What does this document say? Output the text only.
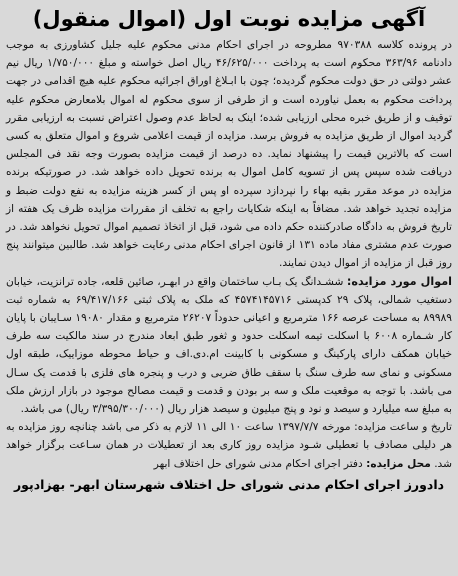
آگهی مزایده نوبت اول (اموال منقول)
در پرونده کلاسه ۹۷۰۳۸۸ مطروحه در اجرای احکام مدنی محکوم علیه جلیل کشاورزی به موجب دادنامه ۳۶۳/۹۶ محکوم است به پرداخت ۴۶/۶۲۵/۰۰۰ ریال اصل خواسته و مبلغ ۱/۷۵۰/۰۰۰ ریال نیم عشر دولتی در حق دولت محکوم گردیده؛ چون با ابـلاغ اوراق اجرائیه محکوم علیه هیچ اقدامی در جهت پرداخت محکوم به بعمل نیاورده است و از طرفی از سوی محکوم له اموال بلامعارض محکوم علیه توقیف و از طریق خبره محلی ارزیابی شده؛ اینک به لحاظ عدم وصول اعتراض نسبت به ارزیابی مقرر گردید اموال از طریق مزایده به فروش برسد. مزایده از قیمت اعلامی شروع و اموال متعلق به کسی است که بالاترین قیمت را پیشنهاد نماید. ده درصد از قیمت مزایده بصورت وجه نقد فی المجلس دریافت شده سپس پس از تسویه کامل اموال به برنده تحویل داده خواهد شد. در صورتیکه برنده مزایده در موعد مقرر بقیه بهاء را نپردازد سپرده او پس از کسر هزینه مزایده به نفع دولت ضبط و مزایده تجدید خواهد شد. مضافاً به اینکه شکایات راجع به تخلف از مقررات مزایده ظرف یک هفته از تاریخ فروش به دادگاه صادرکننده حکم داده می شود، قبل از اتخاذ تصمیم اموال تحویل نخواهد شد. در صورت عدم مشتری مفاد ماده ۱۳۱ از قانون اجرای احکام مدنی رعایت خواهد شد. طالبین میتوانند پنج روز قبل از مزایده از اموال دیدن نمایند.
اموال مورد مزایده: ششـدانگ یک بـاب ساختمان واقع در ابهـر، صائین قلعه، جاده ترانزیت، خیابان دستغیب شمالی، پلاک ۲۹ کدپستی ۴۵۷۴۱۴۵۷۱۶ که ملک به پلاک ثبتی ۶۹/۴۱۷/۱۶۶ به شماره ثبت ۸۹۹۸۹ به مساحت عرصه ۱۶۶ مترمربع و اعیانی حدوداً ۲۶۲۰۷ مترمربع و مقدار ۱۹۰۸۰ سـایبان با پایان کار شـماره ۶۰۰۸ با اسکلت تیمه اسکلت حدود و ثغور طبق ابعاد مندرج در سند مالکیت سه طرف خیابان همکف دارای پارکینگ و مسکونی با کابینت ام.دی.اف و حیاط محوطه موزاییک، طبقه اول مسکونی و نمای سه طرف سنگ با سقف طاق ضربی و درب و پنجره های فلزی با قدمت یک سـال می باشد. با توجه به موقعیت ملک و سه بر بودن و قدمت و قیمت مصالح موجود در بازار ارزش ملک به مبلغ سه میلیارد و سیصد و نود و پنج میلیون و سیصد هزار ریال (۳/۳۹۵/۳۰۰/۰۰۰ ریال) می باشد.
تاریخ و ساعت مزایده: مورخه ۱۳۹۷/۷/۷ ساعت ۱۰ الی ۱۱ لازم به ذکر می باشد چنانچه روز مزایده به هر دلیلی مصادف با تعطیلی شـود مزایده روز کاری بعد از تعطیلات در همان سـاعت برگزار خواهد شد. محل مزایده: دفتر اجرای احکام مدنی شورای حل اختلاف ابهر
دادورز اجرای احکام مدنی شورای حل اختلاف شهرستان ابهر- بهزادپور
